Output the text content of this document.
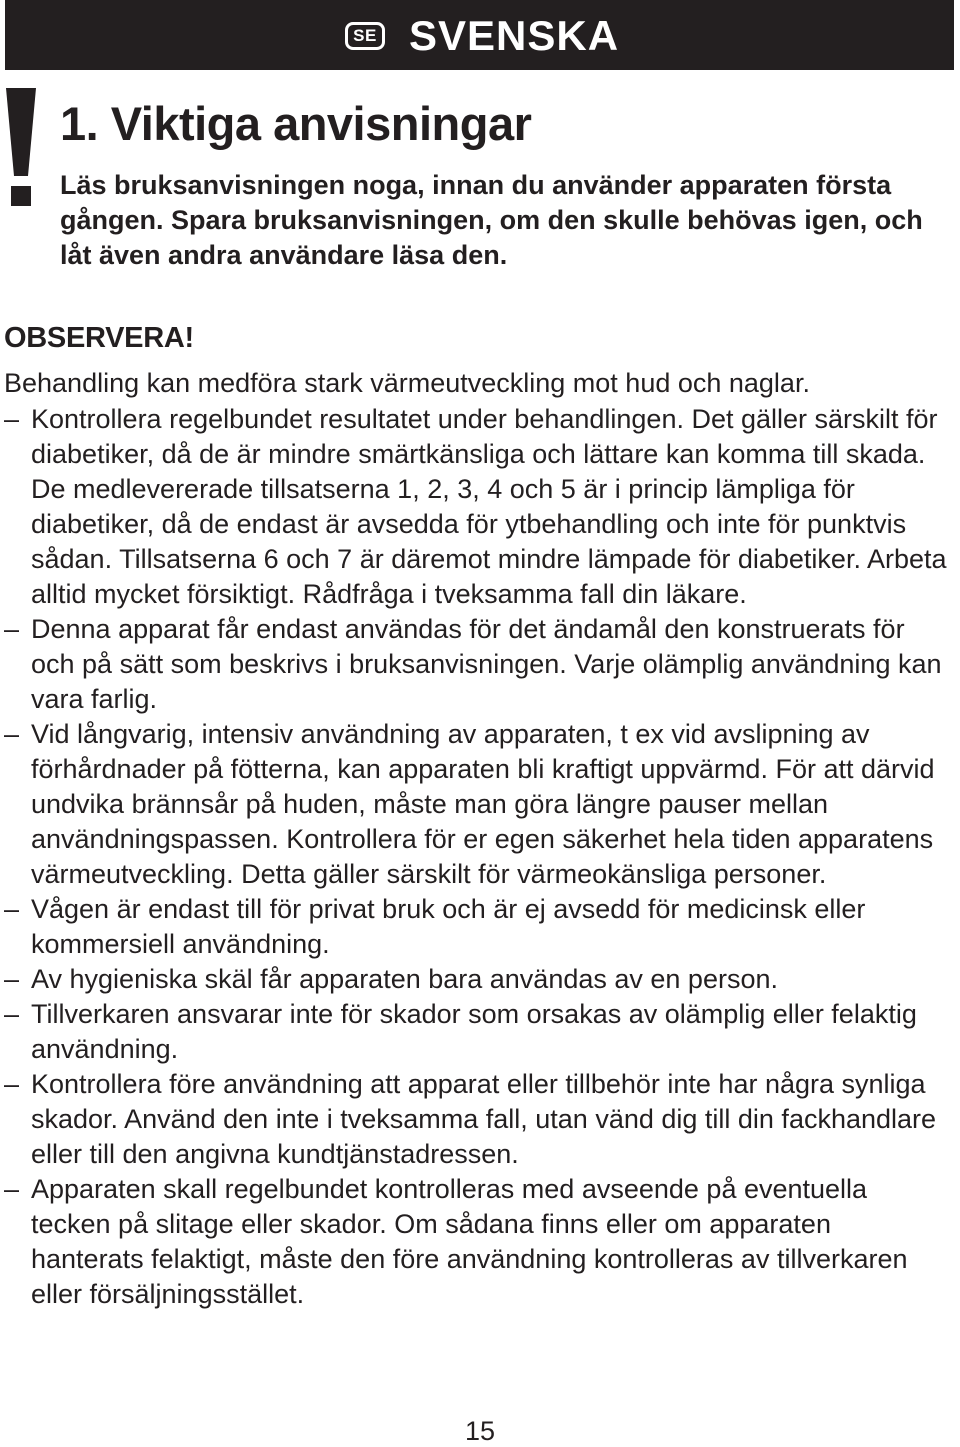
SE SVENSKA
1. Viktiga anvisningar

Läs bruksanvisningen noga, innan du använder apparaten första gången. Spara bruksanvisningen, om den skulle behövas igen, och låt även andra användare läsa den.

OBSERVERA!

Behandling kan medföra stark värmeutveckling mot hud och naglar.

– Kontrollera regelbundet resultatet under behandlingen. Det gäller särskilt för diabetiker, då de är mindre smärtkänsliga och lättare kan komma till skada. De medlevererade tillsatserna 1, 2, 3, 4 och 5 är i princip lämpliga för diabetiker, då de endast är avsedda för ytbehandling och inte för punktvis sådan. Tillsatserna 6 och 7 är däremot mindre lämpade för diabetiker. Arbeta alltid mycket försiktigt. Rådfråga i tveksamma fall din läkare.
– Denna apparat får endast användas för det ändamål den konstruerats för och på sätt som beskrivs i bruksanvisningen. Varje olämplig användning kan vara farlig.
– Vid långvarig, intensiv användning av apparaten, t ex vid avslipning av förhårdnader på fötterna, kan apparaten bli kraftigt uppvärmd. För att därvid undvika brännsår på huden, måste man göra längre pauser mellan användningspassen. Kontrollera för er egen säkerhet hela tiden apparatens värmeutveckling. Detta gäller särskilt för värmeokänsliga personer.
– Vågen är endast till för privat bruk och är ej avsedd för medicinsk eller kommersiell användning.
– Av hygieniska skäl får apparaten bara användas av en person.
– Tillverkaren ansvarar inte för skador som orsakas av olämplig eller felaktig användning.
– Kontrollera före användning att apparat eller tillbehör inte har några synliga skador. Använd den inte i tveksamma fall, utan vänd dig till din fackhandlare eller till den angivna kundtjänstadressen.
– Apparaten skall regelbundet kontrolleras med avseende på eventuella tecken på slitage eller skador. Om sådana finns eller om apparaten hanterats felaktigt, måste den före användning kontrolleras av tillverkaren eller försäljningsstället.
15
